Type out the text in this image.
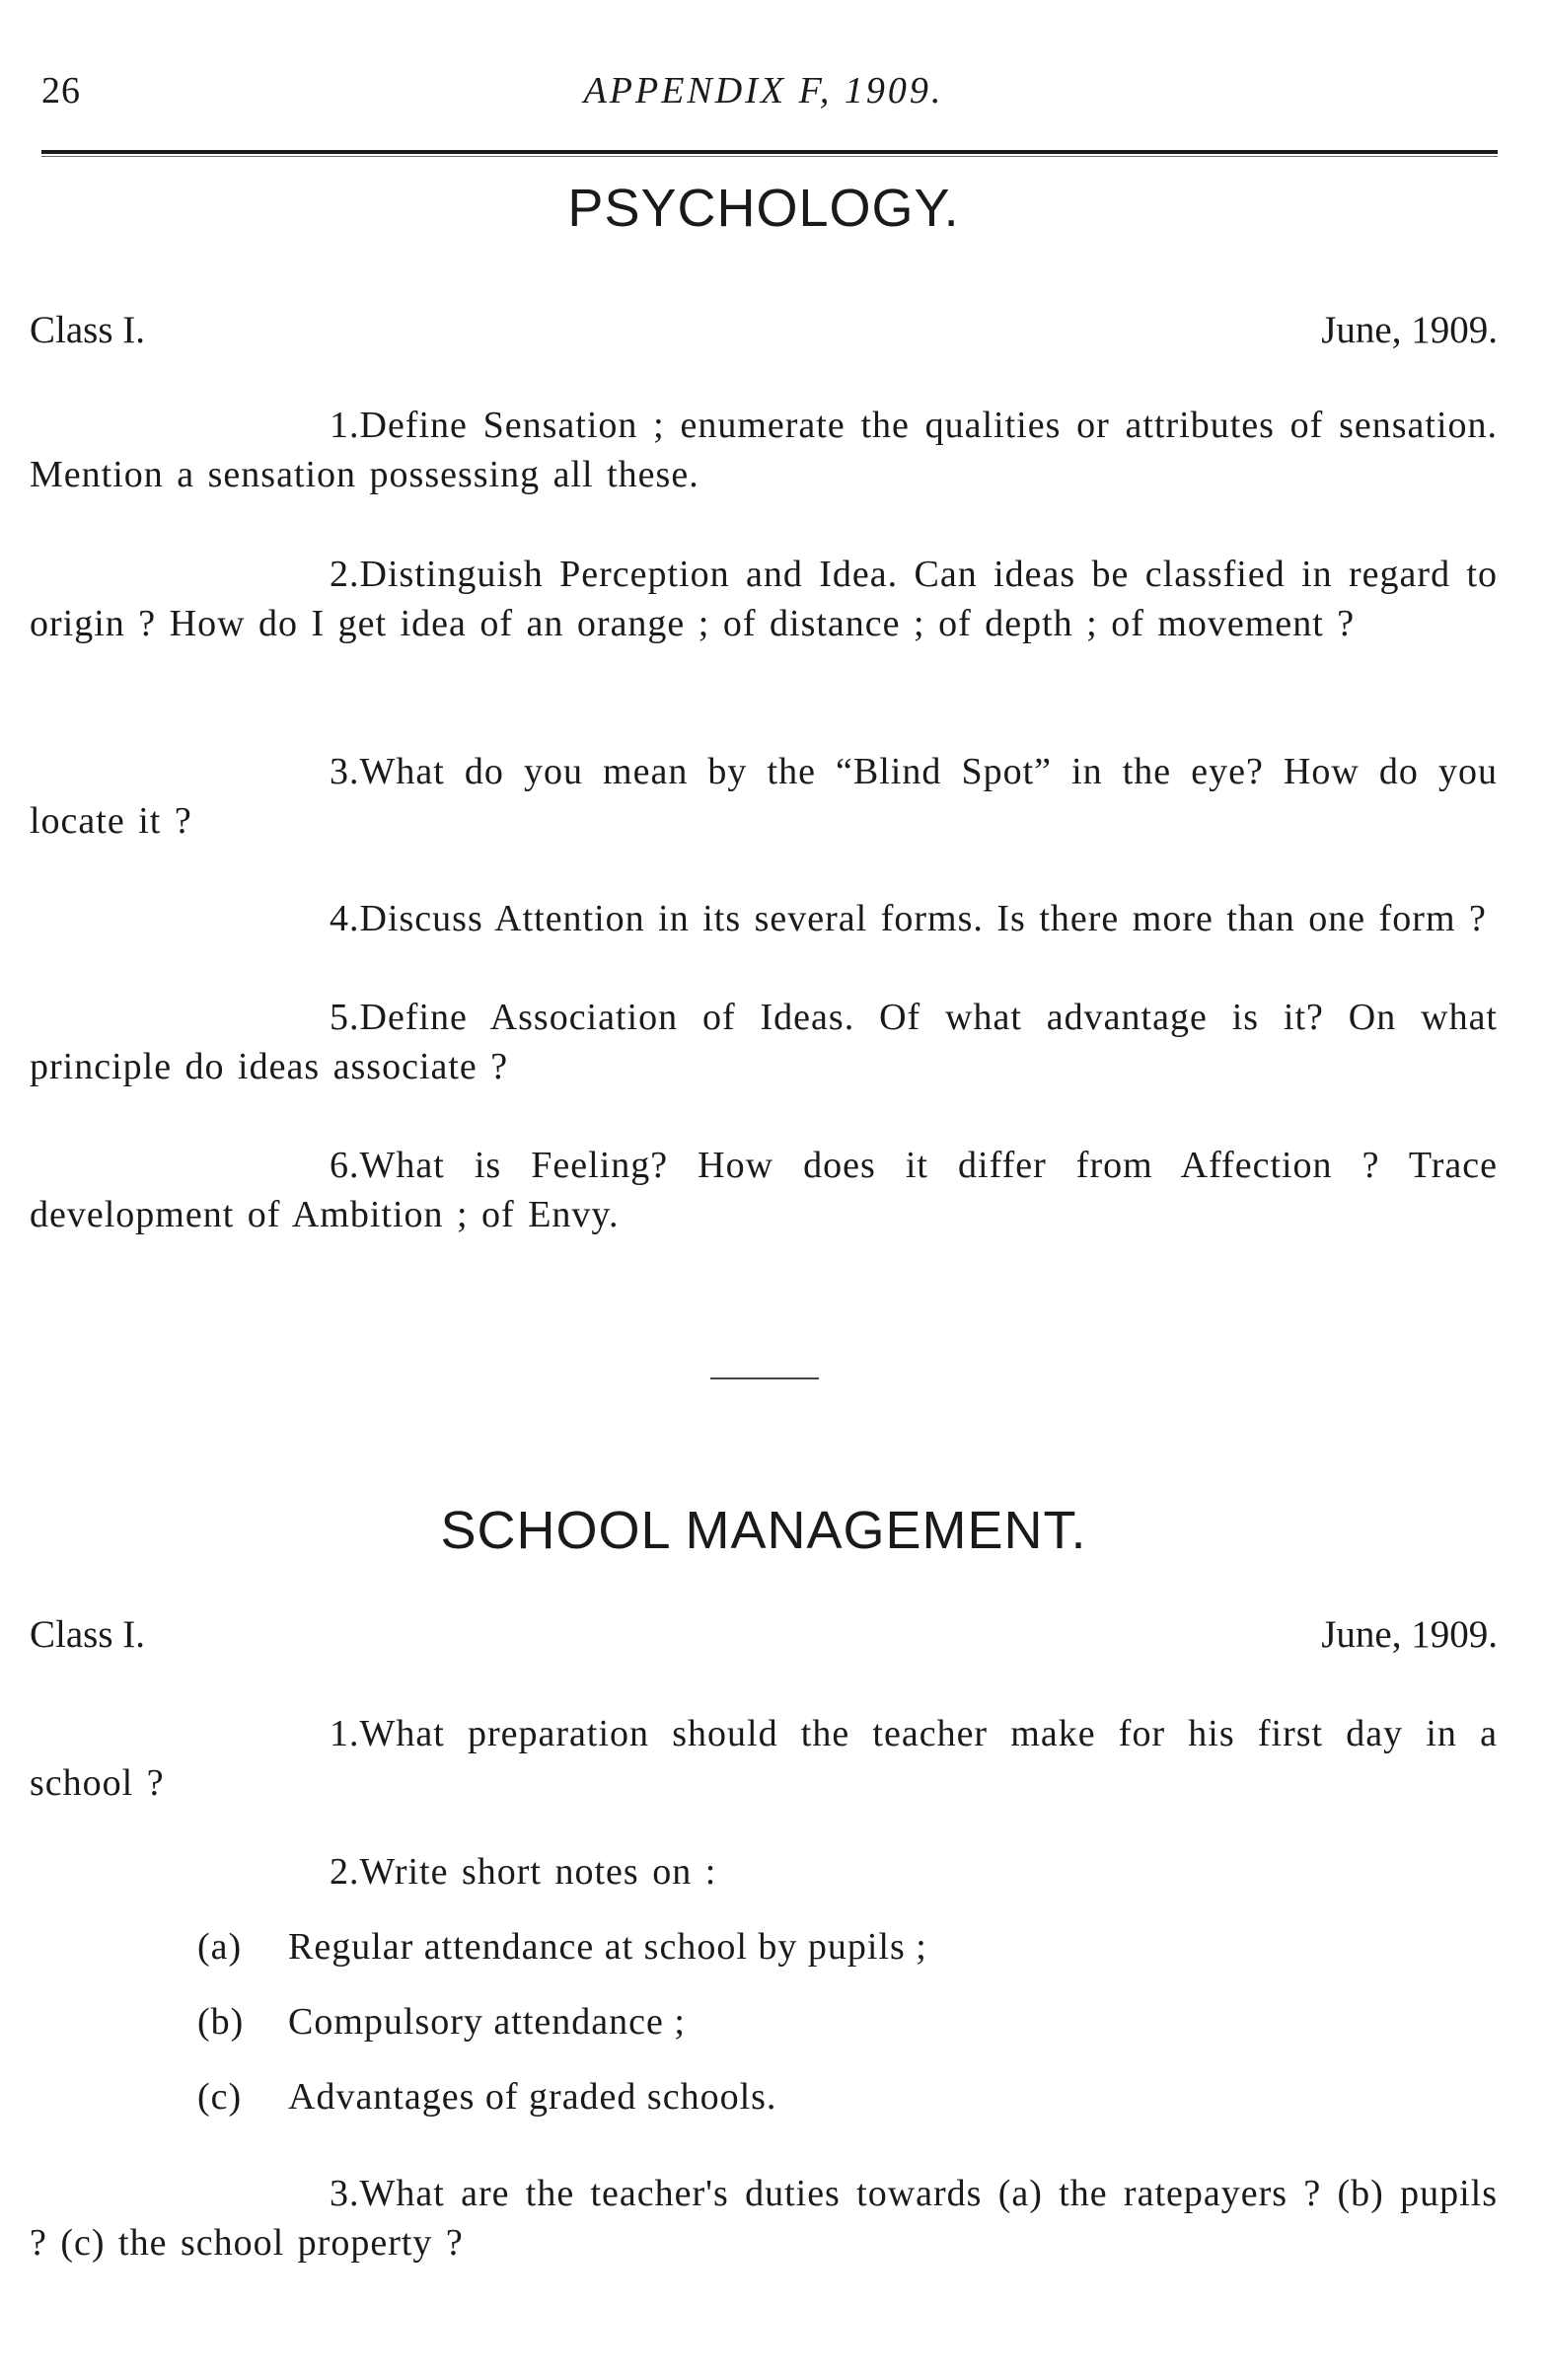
26	APPENDIX F, 1909.
PSYCHOLOGY.
Class I.	June, 1909.

1.Define Sensation ; enumerate the qualities or attributes of sensation. Mention a sensation possessing all these.

2.Distinguish Perception and Idea. Can ideas be classfied in regard to origin ? How do I get idea of an orange ; of distance ; of depth ; of movement ?

3.What do you mean by the “Blind Spot” in the eye? How do you locate it ?

4.Discuss Attention in its several forms. Is there more than one form ?

5.Define Association of Ideas. Of what advantage is it? On what principle do ideas associate ?

6.What is Feeling? How does it differ from Affection ? Trace development of Ambition ; of Envy.

SCHOOL MANAGEMENT.
Class I.	June, 1909.

1.What preparation should the teacher make for his first day in a school ?

2.Write short notes on :

(a) Regular attendance at school by pupils ;
(b) Compulsory attendance ;
(c) Advantages of graded schools.

3.What are the teacher's duties towards (a) the ratepayers ? (b) pupils ? (c) the school property ?
